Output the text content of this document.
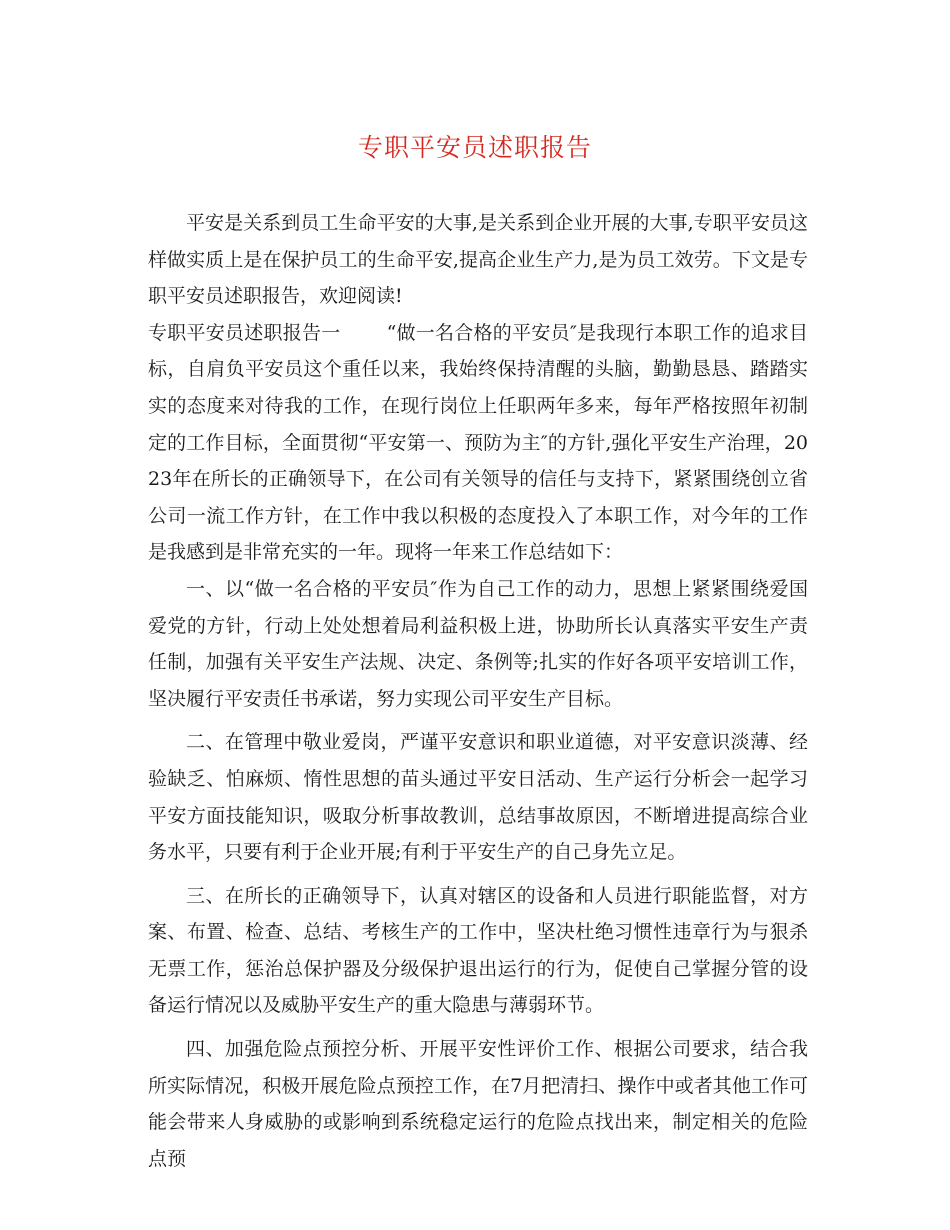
专职平安员述职报告

平安是关系到员工生命平安的大事,是关系到企业开展的大事,专职平安员这样做实质上是在保护员工的生命平安,提高企业生产力,是为员工效劳。下文是专职平安员述职报告，欢迎阅读!

专职平安员述职报告一 “做一名合格的平安员″是我现行本职工作的追求目标，自肩负平安员这个重任以来，我始终保持清醒的头脑，勤勤恳恳、踏踏实实的态度来对待我的工作，在现行岗位上任职两年多来，每年严格按照年初制定的工作目标，全面贯彻“平安第一、预防为主″的方针,强化平安生产治理，2023年在所长的正确领导下，在公司有关领导的信任与支持下，紧紧围绕创立省公司一流工作方针，在工作中我以积极的态度投入了本职工作，对今年的工作是我感到是非常充实的一年。现将一年来工作总结如下：

一、以“做一名合格的平安员″作为自己工作的动力，思想上紧紧围绕爱国爱党的方针，行动上处处想着局利益积极上进，协助所长认真落实平安生产责任制，加强有关平安生产法规、决定、条例等;扎实的作好各项平安培训工作，坚决履行平安责任书承诺，努力实现公司平安生产目标。

二、在管理中敬业爱岗，严谨平安意识和职业道德，对平安意识淡薄、经验缺乏、怕麻烦、惰性思想的苗头通过平安日活动、生产运行分析会一起学习平安方面技能知识，吸取分析事故教训，总结事故原因，不断增进提高综合业务水平，只要有利于企业开展;有利于平安生产的自己身先立足。

三、在所长的正确领导下，认真对辖区的设备和人员进行职能监督，对方案、布置、检查、总结、考核生产的工作中，坚决杜绝习惯性违章行为与狠杀无票工作，惩治总保护器及分级保护退出运行的行为，促使自己掌握分管的设备运行情况以及威胁平安生产的重大隐患与薄弱环节。

四、加强危险点预控分析、开展平安性评价工作、根据公司要求，结合我所实际情况，积极开展危险点预控工作，在7月把清扫、操作中或者其他工作可能会带来人身威胁的或影响到系统稳定运行的危险点找出来，制定相关的危险点预
